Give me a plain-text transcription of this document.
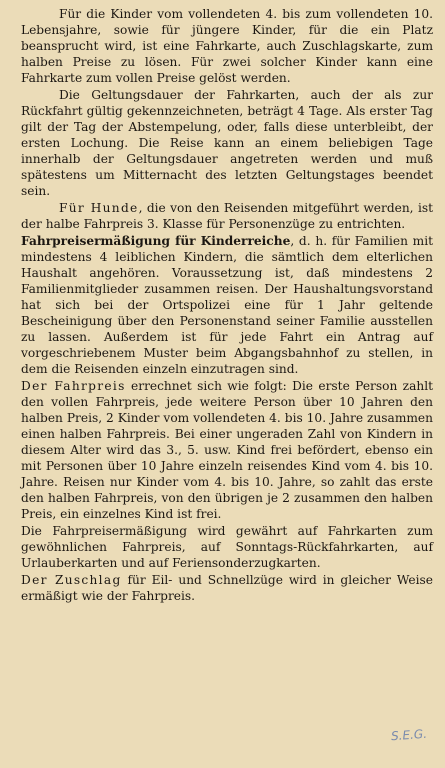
Für die Kinder vom vollendeten 4. bis zum vollendeten 10. Lebensjahre, sowie für jüngere Kinder, für die ein Platz beansprucht wird, ist eine Fahrkarte, auch Zuschlagskarte, zum halben Preise zu lösen. Für zwei solcher Kinder kann eine Fahrkarte zum vollen Preise gelöst werden.

Die Geltungsdauer der Fahrkarten, auch der als zur Rückfahrt gültig gekennzeichneten, beträgt 4 Tage. Als erster Tag gilt der Tag der Abstempelung, oder, falls diese unterbleibt, der ersten Lochung. Die Reise kann an einem beliebigen Tage innerhalb der Geltungsdauer angetreten werden und muß spätestens um Mitternacht des letzten Geltungstages beendet sein.

Für Hunde, die von den Reisenden mitgeführt werden, ist der halbe Fahrpreis 3. Klasse für Personenzüge zu entrichten.

Fahrpreisermäßigung für Kinderreiche, d. h. für Familien mit mindestens 4 leiblichen Kindern, die sämtlich dem elterlichen Haushalt angehören. Voraussetzung ist, daß mindestens 2 Familienmitglieder zusammen reisen. Der Haushaltungsvorstand hat sich bei der Ortspolizei eine für 1 Jahr geltende Bescheinigung über den Personenstand seiner Familie ausstellen zu lassen. Außerdem ist für jede Fahrt ein Antrag auf vorgeschriebenem Muster beim Abgangsbahnhof zu stellen, in dem die Reisenden einzeln einzutragen sind.

Der Fahrpreis errechnet sich wie folgt: Die erste Person zahlt den vollen Fahrpreis, jede weitere Person über 10 Jahren den halben Preis, 2 Kinder vom vollendeten 4. bis 10. Jahre zusammen einen halben Fahrpreis. Bei einer ungeraden Zahl von Kindern in diesem Alter wird das 3., 5. usw. Kind frei befördert, ebenso ein mit Personen über 10 Jahre einzeln reisendes Kind vom 4. bis 10. Jahre. Reisen nur Kinder vom 4. bis 10. Jahre, so zahlt das erste den halben Fahrpreis, von den übrigen je 2 zusammen den halben Preis, ein einzelnes Kind ist frei.

Die Fahrpreisermäßigung wird gewährt auf Fahrkarten zum gewöhnlichen Fahrpreis, auf Sonntags-Rückfahrkarten, auf Urlauberkarten und auf Feriensonderzugkarten.

Der Zuschlag für Eil- und Schnellzüge wird in gleicher Weise ermäßigt wie der Fahrpreis.

S.E.G.
